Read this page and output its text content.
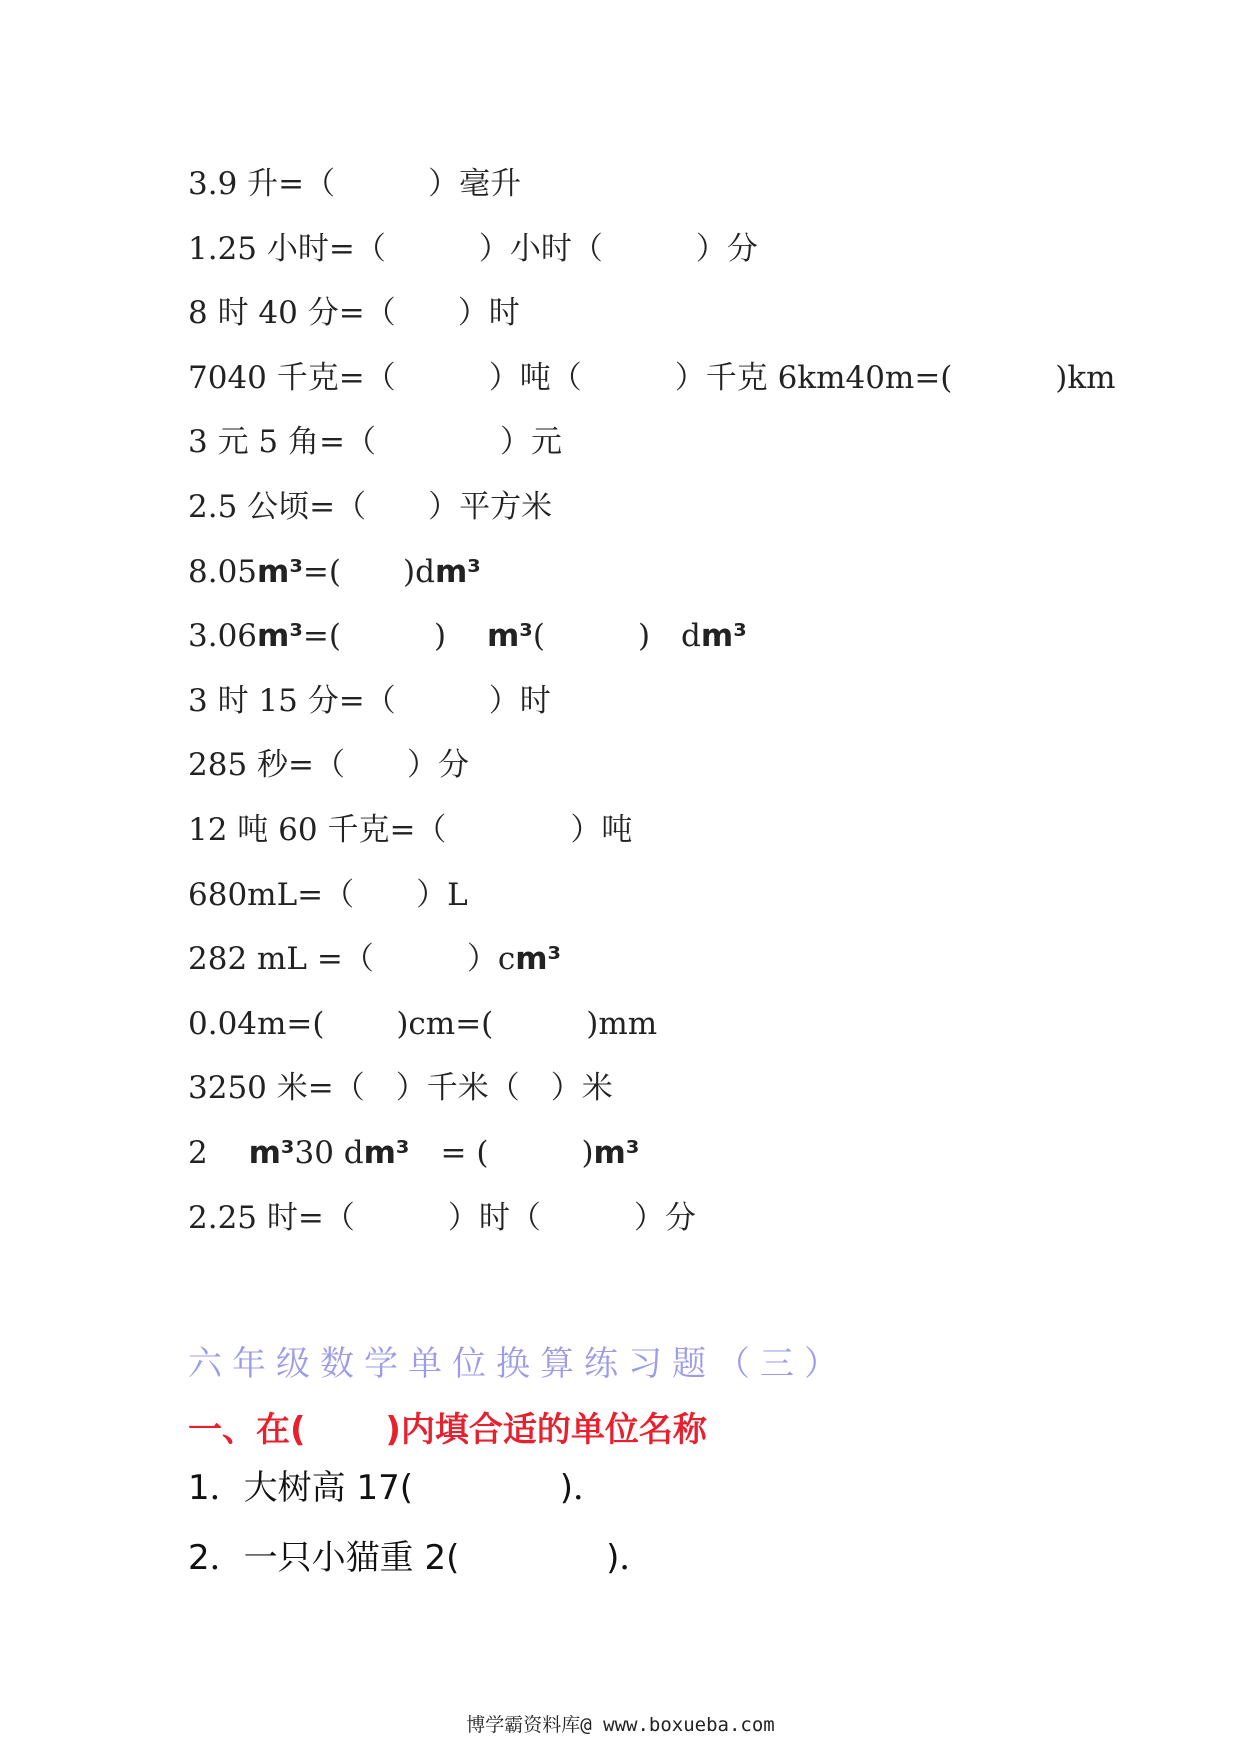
3.9 升=（　　　）毫升
1.25 小时=（　　　）小时（　　　）分
8 时 40 分=（　　）时
7040 千克=（　　　）吨（　　　）千克 6km40m=(　　　 )km
3 元 5 角=（　　　　）元
2.5 公顷=（　　）平方米
8.05m³=(　　)dm³
3.06m³=(　　　)　 m³(　　　)　dm³
3 时 15 分=（　　　）时
285 秒=（　　）分
12 吨 60 千克=（　　　　）吨
680mL=（　　）L
282 mL =（　　　）cm³
0.04m=(　　 )cm=(　　　)mm
3250 米=（　）千米（　）米
2　 m³30 dm³　= (　　　)m³
2.25 时=（　　　）时（　　　）分
六年级数学单位换算练习题（三）
一、在(　　 )内填合适的单位名称
1．大树高 17(　　　　 )．
2．一只小猫重 2(　　　　 )．
博学霸资料库@ www.boxueba.com
